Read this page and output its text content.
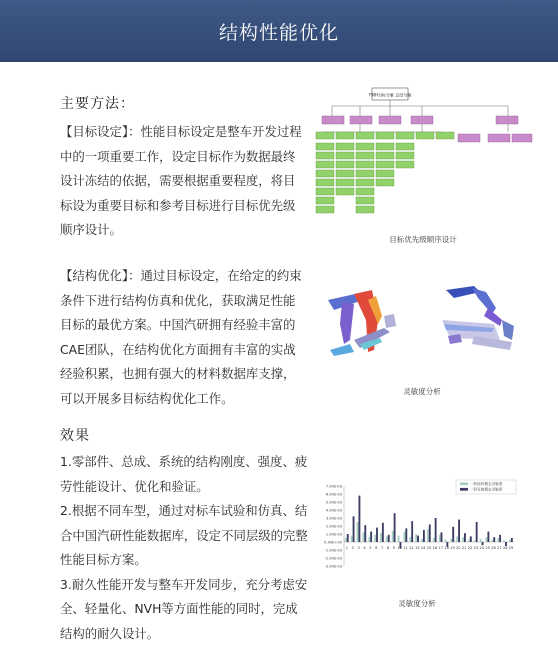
结构性能优化
主要方法：
【目标设定】：性能目标设定是整车开发过程中的一项重要工作，设定目标作为数据最终设计冻结的依据，需要根据重要程度，将目标设为重要目标和参考目标进行目标优先级顺序设计。
【结构优化】：通过目标设定，在给定的约束条件下进行结构仿真和优化，获取满足性能目标的最优方案。中国汽研拥有经验丰富的CAE团队，在结构优化方面拥有丰富的实战经验积累，也拥有强大的材料数据库支撑，可以开展多目标结构优化工作。
效果

1.零部件、总成、系统的结构刚度、强度、疲劳性能设计、优化和验证。

2.根据不同车型，通过对标车试验和仿真、结合中国汽研性能数据库，设定不同层级的完整性能目标方案。

3.耐久性能开发与整车开发同步，充分考虑安全、轻量化、NVH等方面性能的同时，完成结构的耐久设计。

YWH目标分解 总结分解
目标优先级顺序设计
灵敏度分析
7.00E-03
6.00E-03
5.00E-03
4.00E-03
3.00E-03
2.00E-03
1.00E-03
0.00E+00
-1.00E-03
-2.00E-03
-3.00E-03
1 2 3 4 5 6 7 8 9 10 11 12 13 14 15 16 17 18 19 20 21 22 23 24 25 26 27 28 29
一阶扭转模态灵敏度
一阶弯曲模态灵敏度
灵敏度分析
